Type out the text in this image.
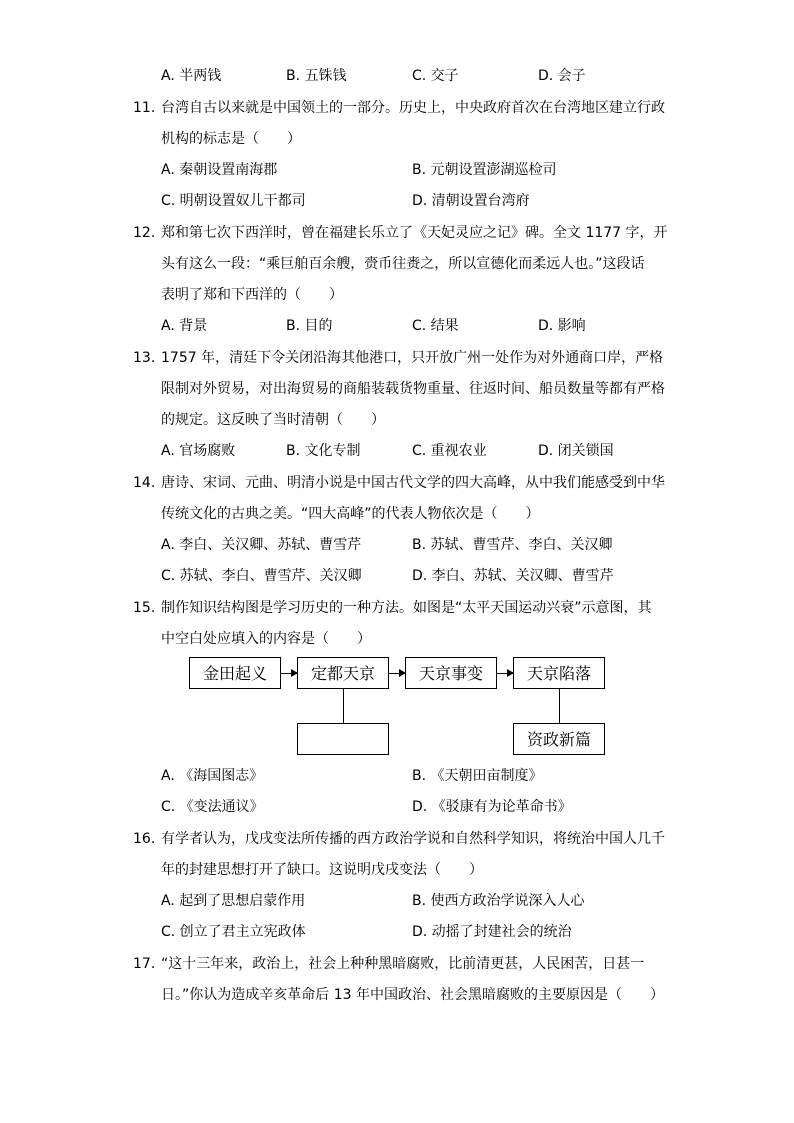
A. 半两钱	B. 五铢钱	C. 交子	D. 会子
11. 台湾自古以来就是中国领土的一部分。历史上，中央政府首次在台湾地区建立行政
机构的标志是（　　）
A. 秦朝设置南海郡	B. 元朝设置澎湖巡检司
C. 明朝设置奴儿干都司	D. 清朝设置台湾府
12. 郑和第七次下西洋时，曾在福建长乐立了《天妃灵应之记》碑。全文 1177 字，开
头有这么一段：“乘巨舶百余艘，赍币往赉之，所以宣德化而柔远人也。”这段话
表明了郑和下西洋的（　　）
A. 背景	B. 目的	C. 结果	D. 影响
13. 1757 年，清廷下令关闭沿海其他港口，只开放广州一处作为对外通商口岸，严格
限制对外贸易，对出海贸易的商船装载货物重量、往返时间、船员数量等都有严格
的规定。这反映了当时清朝（　　）
A. 官场腐败	B. 文化专制	C. 重视农业	D. 闭关锁国
14. 唐诗、宋词、元曲、明清小说是中国古代文学的四大高峰，从中我们能感受到中华
传统文化的古典之美。“四大高峰”的代表人物依次是（　　）
A. 李白、关汉卿、苏轼、曹雪芹	B. 苏轼、曹雪芹、李白、关汉卿
C. 苏轼、李白、曹雪芹、关汉卿	D. 李白、苏轼、关汉卿、曹雪芹
15. 制作知识结构图是学习历史的一种方法。如图是“太平天国运动兴衰”示意图，其
中空白处应填入的内容是（　　）
金田起义	定都天京	天京事变	天京陷落
资政新篇
A. 《海国图志》	B. 《天朝田亩制度》
C. 《变法通议》	D. 《驳康有为论革命书》
16. 有学者认为，戊戌变法所传播的西方政治学说和自然科学知识，将统治中国人几千
年的封建思想打开了缺口。这说明戊戌变法（　　）
A. 起到了思想启蒙作用	B. 使西方政治学说深入人心
C. 创立了君主立宪政体	D. 动摇了封建社会的统治
17. “这十三年来，政治上，社会上种种黑暗腐败，比前清更甚，人民困苦，日甚一
日。”你认为造成辛亥革命后 13 年中国政治、社会黑暗腐败的主要原因是（　　）
